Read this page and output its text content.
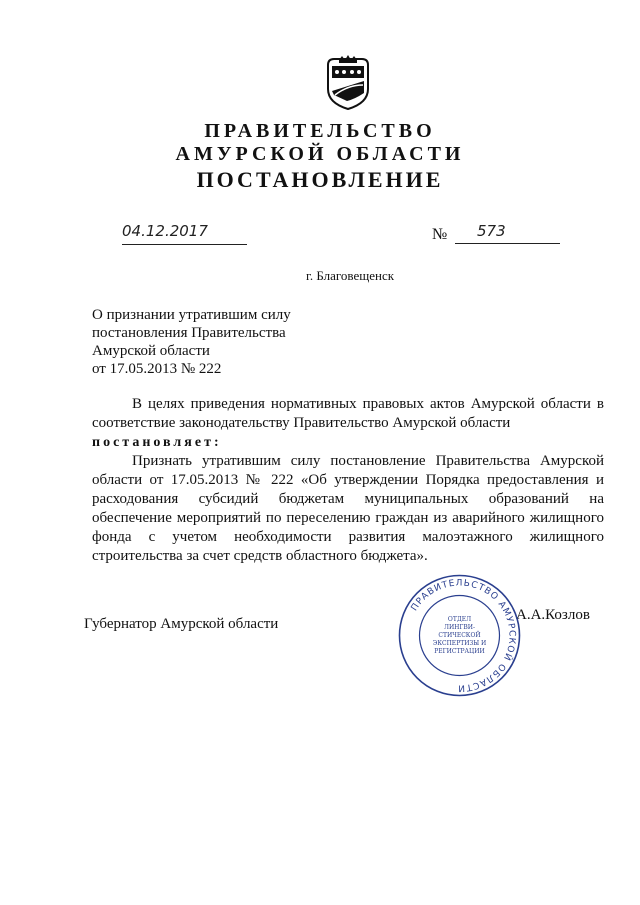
ПРАВИТЕЛЬСТВО
АМУРСКОЙ ОБЛАСТИ
ПОСТАНОВЛЕНИЕ
04.12.2017	№	573
г. Благовещенск
О признании утратившим силу
постановления Правительства
Амурской области
от 17.05.2013 № 222
В целях приведения нормативных правовых актов Амурской области в соответствие законодательству Правительство Амурской области
постановляет:
Признать утратившим силу постановление Правительства Амурской области от 17.05.2013 № 222 «Об утверждении Порядка предоставления и расходования субсидий бюджетам муниципальных образований на обеспечение мероприятий по переселению граждан из аварийного жилищного фонда с учетом необходимости развития малоэтажного жилищного строительства за счет средств областного бюджета».
Губернатор Амурской области
А.А.Козлов
ПРАВИТЕЛЬСТВО АМУРСКОЙ ОБЛАСТИ
ОТДЕЛ
ЛИНГВИ-
СТИЧЕСКОЙ
ЭКСПЕРТИЗЫ И
РЕГИСТРАЦИИ
